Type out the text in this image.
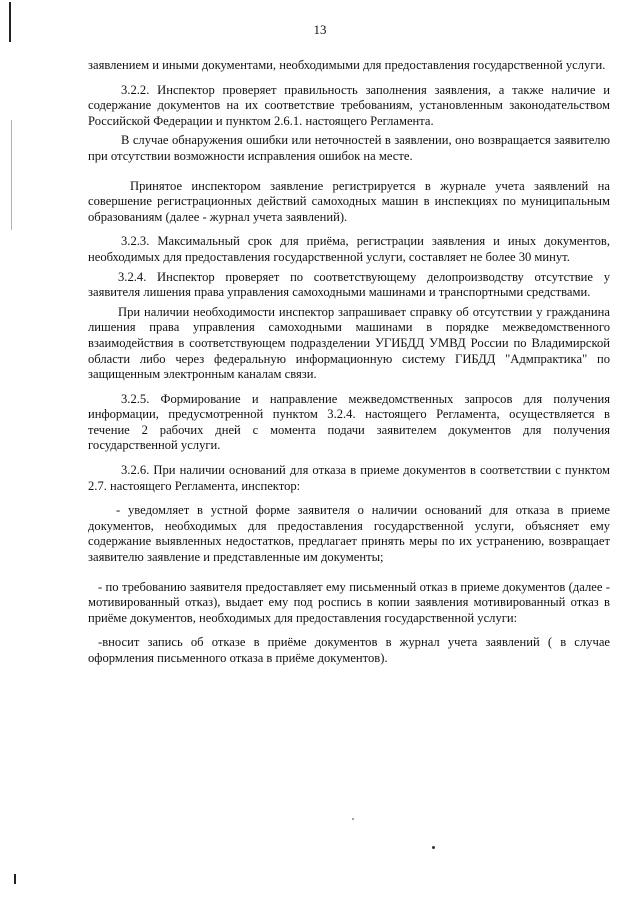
13

заявлением и иными документами, необходимыми для предоставления государственной услуги.

3.2.2. Инспектор проверяет правильность заполнения заявления, а также наличие и содержание документов на их соответствие требованиям, установленным законодательством Российской Федерации и пунктом 2.6.1. настоящего Регламента.

В случае обнаружения ошибки или неточностей в заявлении, оно возвращается заявителю при отсутствии возможности исправления ошибок на месте.

Принятое инспектором заявление регистрируется в журнале учета заявлений на совершение регистрационных действий самоходных машин в инспекциях по муниципальным образованиям (далее - журнал учета заявлений).

3.2.3. Максимальный срок для приёма, регистрации заявления и иных документов, необходимых для предоставления государственной услуги, составляет не более 30 минут.

3.2.4. Инспектор проверяет по соответствующему делопроизводству отсутствие у заявителя лишения права управления самоходными машинами и транспортными средствами.

При наличии необходимости инспектор запрашивает справку об отсутствии у гражданина лишения права управления самоходными машинами в порядке межведомственного взаимодействия в соответствующем подразделении УГИБДД УМВД России по Владимирской области либо через федеральную информационную систему ГИБДД "Адмпрактика" по защищенным электронным каналам связи.

3.2.5. Формирование и направление межведомственных запросов для получения информации, предусмотренной пунктом 3.2.4. настоящего Регламента, осуществляется в течение 2 рабочих дней с момента подачи заявителем документов для получения государственной услуги.

3.2.6. При наличии оснований для отказа в приеме документов в соответствии с пунктом 2.7. настоящего Регламента, инспектор:

- уведомляет в устной форме заявителя о наличии оснований для отказа в приеме документов, необходимых для предоставления государственной услуги, объясняет ему содержание выявленных недостатков, предлагает принять меры по их устранению, возвращает заявителю заявление и представленные им документы;

- по требованию заявителя предоставляет ему письменный отказ в приеме документов (далее - мотивированный отказ), выдает ему под роспись в копии заявления мотивированный отказ в приёме документов, необходимых для предоставления государственной услуги:

-вносит запись об отказе в приёме документов в журнал учета заявлений ( в случае оформления письменного отказа в приёме документов).
